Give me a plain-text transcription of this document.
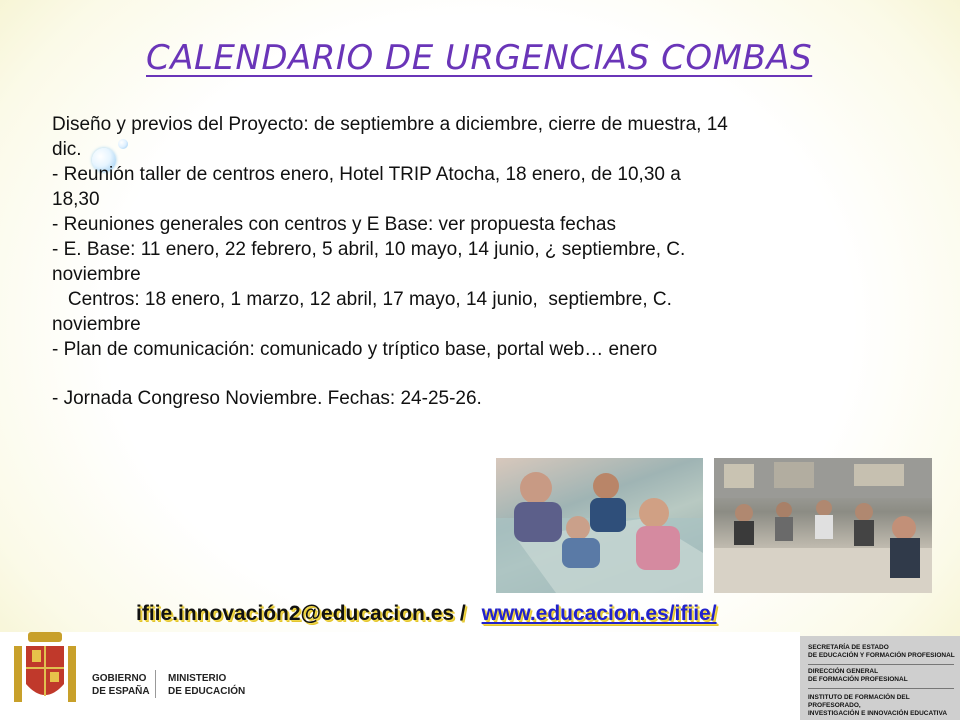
CALENDARIO DE URGENCIAS COMBAS
Diseño y previos del Proyecto: de septiembre a diciembre, cierre de muestra, 14
dic.
- Reunión taller de centros enero, Hotel TRIP Atocha, 18 enero, de 10,30 a
18,30
- Reuniones generales con centros y E Base: ver propuesta fechas
- E. Base: 11 enero, 22 febrero, 5 abril, 10 mayo, 14 junio, ¿ septiembre, C.
noviembre
Centros: 18 enero, 1 marzo, 12 abril, 17 mayo, 14 junio,  septiembre, C.
noviembre
- Plan de comunicación: comunicado y tríptico base, portal web… enero
- Jornada Congreso Noviembre. Fechas: 24-25-26.
ifiie.innovación2@educacion.es / www.educacion.es/ifiie/
GOBIERNO
DE ESPAÑA
MINISTERIO
DE EDUCACIÓN
SECRETARÍA DE ESTADO
DE EDUCACIÓN Y FORMACIÓN PROFESIONAL
DIRECCIÓN GENERAL
DE FORMACIÓN PROFESIONAL
INSTITUTO DE FORMACIÓN DEL PROFESORADO,
INVESTIGACIÓN E INNOVACIÓN EDUCATIVA
